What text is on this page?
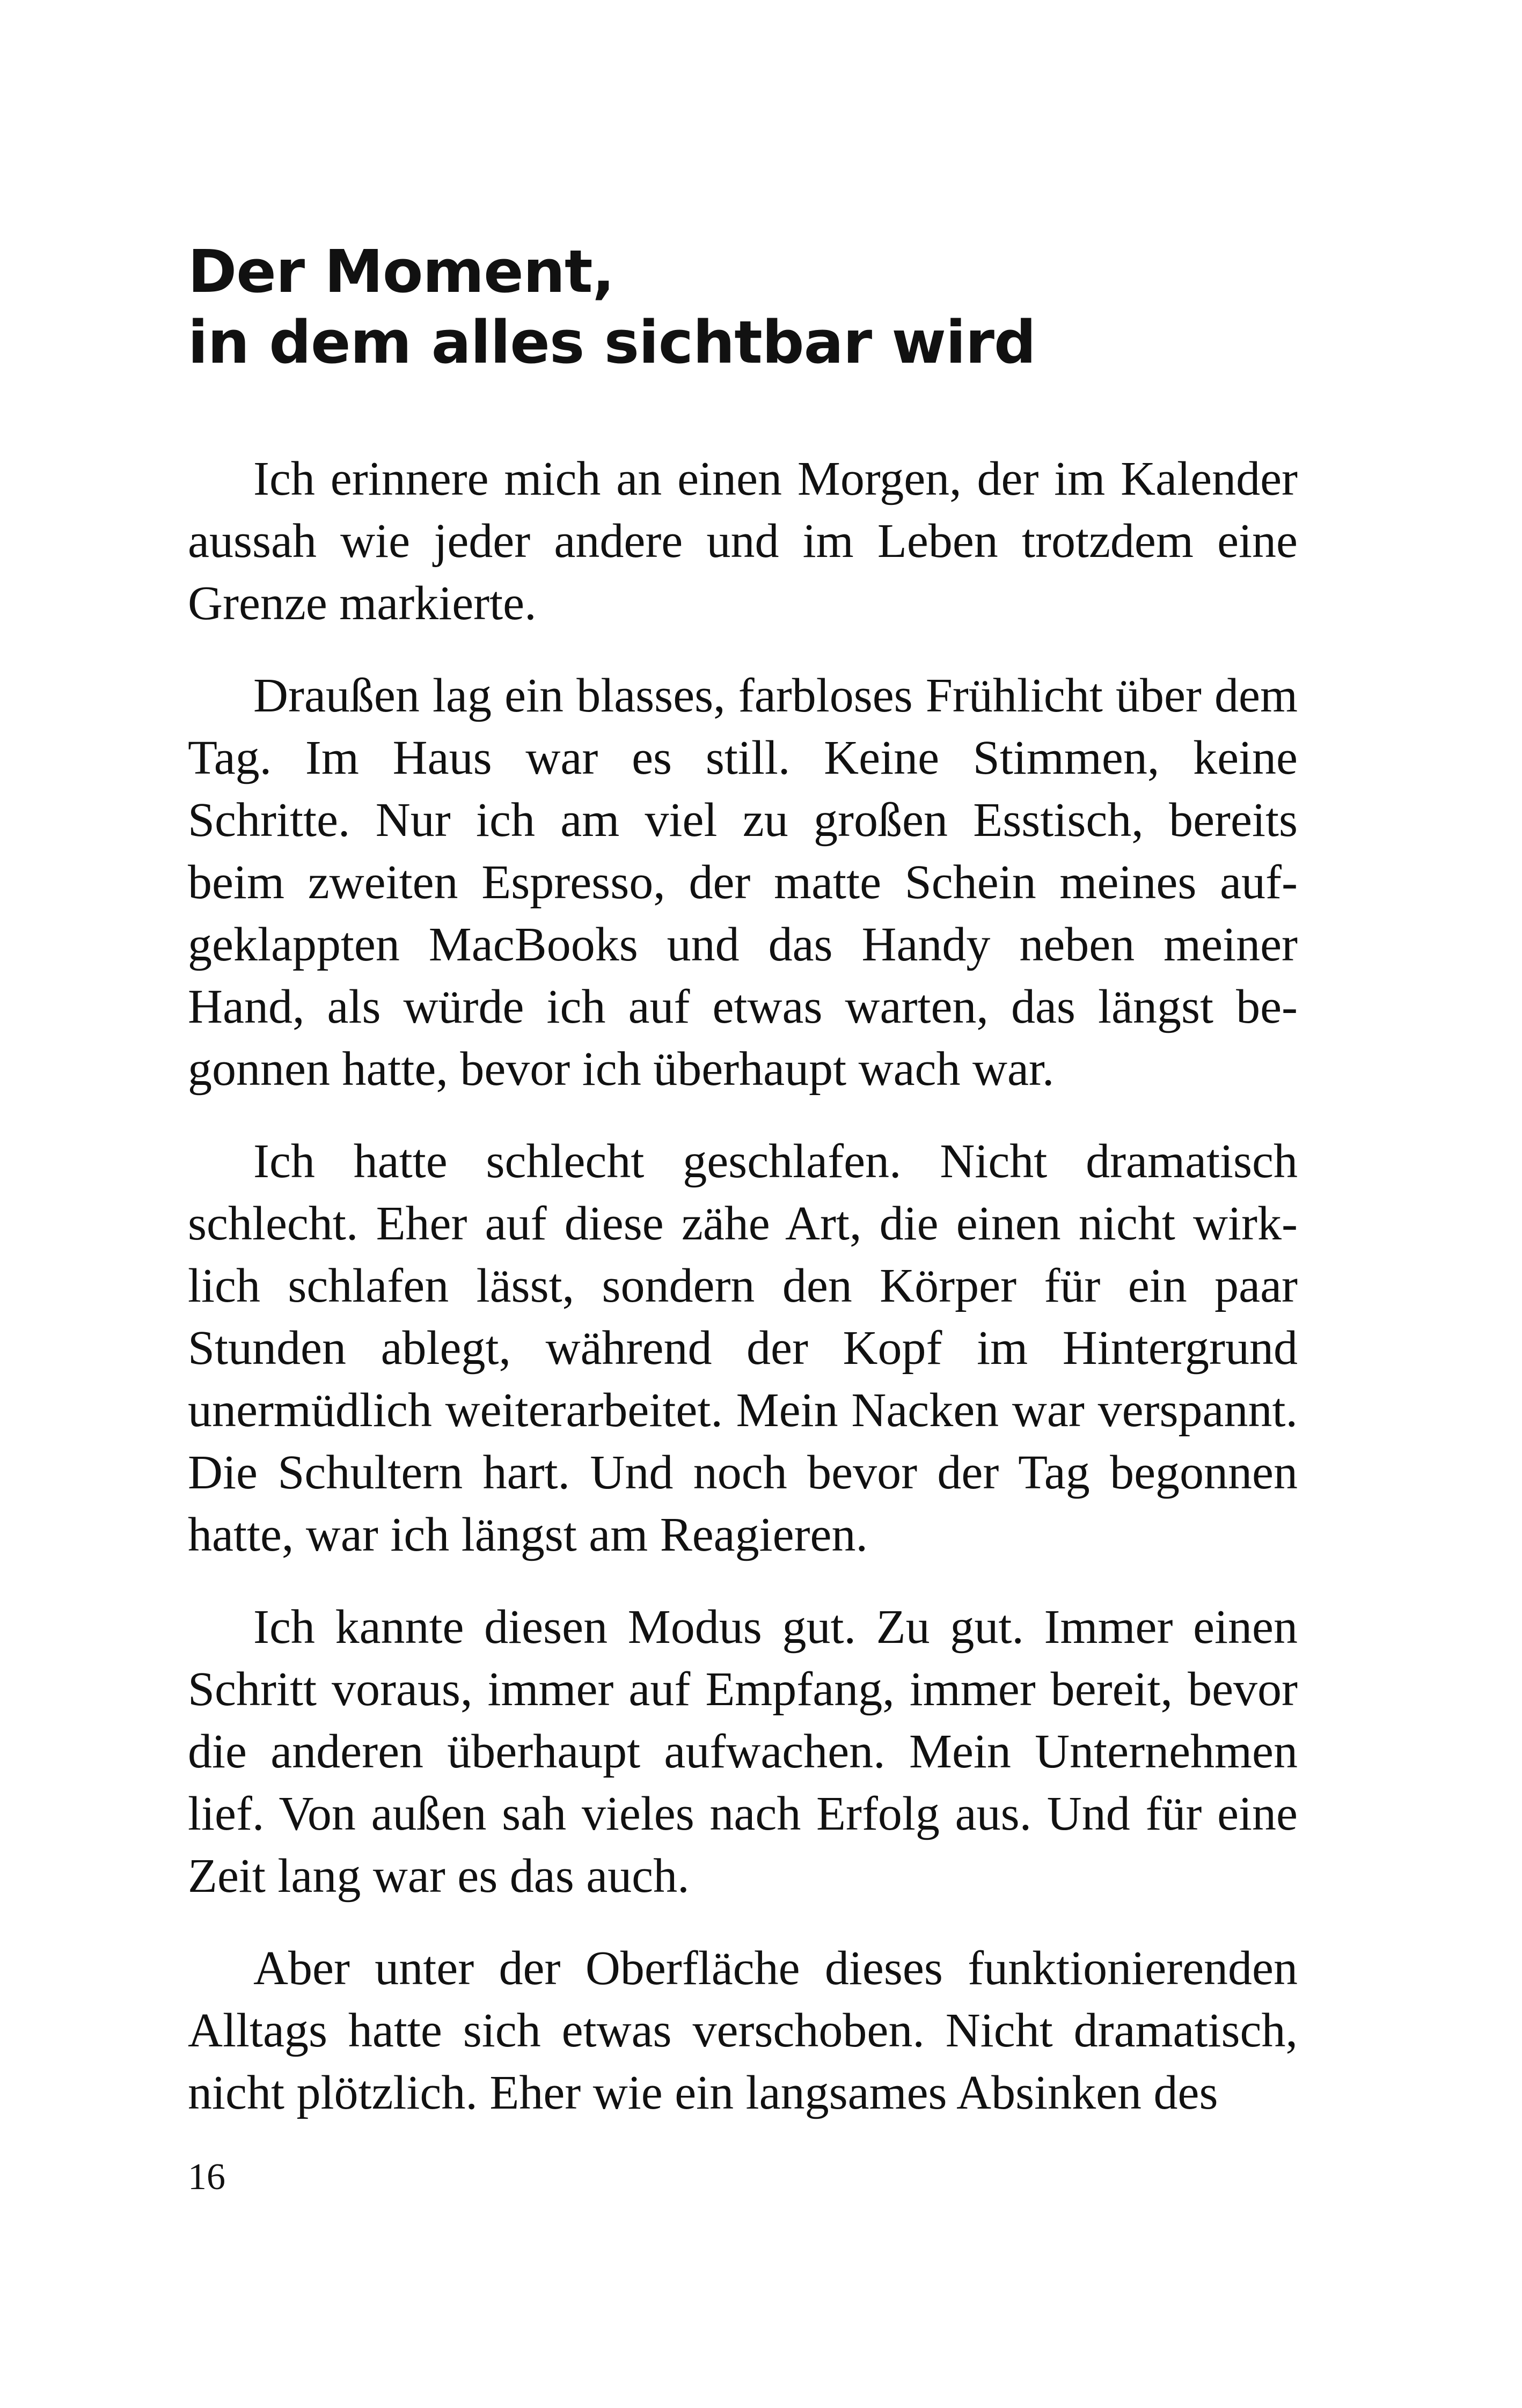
Der Moment,
in dem alles sichtbar wird

Ich erinnere mich an einen Morgen, der im Kalender aussah wie jeder andere und im Leben trotzdem eine Grenze markierte.

Draußen lag ein blasses, farbloses Frühlicht über dem Tag. Im Haus war es still. Keine Stimmen, keine Schritte. Nur ich am viel zu großen Esstisch, bereits beim zweiten Espresso, der matte Schein meines aufgeklappten MacBooks und das Handy neben meiner Hand, als würde ich auf etwas warten, das längst begonnen hatte, bevor ich überhaupt wach war.

Ich hatte schlecht geschlafen. Nicht dramatisch schlecht. Eher auf diese zähe Art, die einen nicht wirklich schlafen lässt, sondern den Körper für ein paar Stunden ablegt, während der Kopf im Hintergrund unermüdlich weiterarbeitet. Mein Nacken war verspannt. Die Schultern hart. Und noch bevor der Tag begonnen hatte, war ich längst am Reagieren.

Ich kannte diesen Modus gut. Zu gut. Immer einen Schritt voraus, immer auf Empfang, immer bereit, bevor die anderen überhaupt aufwachen. Mein Unternehmen lief. Von außen sah vieles nach Erfolg aus. Und für eine Zeit lang war es das auch.

Aber unter der Oberfläche dieses funktionierenden Alltags hatte sich etwas verschoben. Nicht dramatisch, nicht plötzlich. Eher wie ein langsames Absinken des

16
